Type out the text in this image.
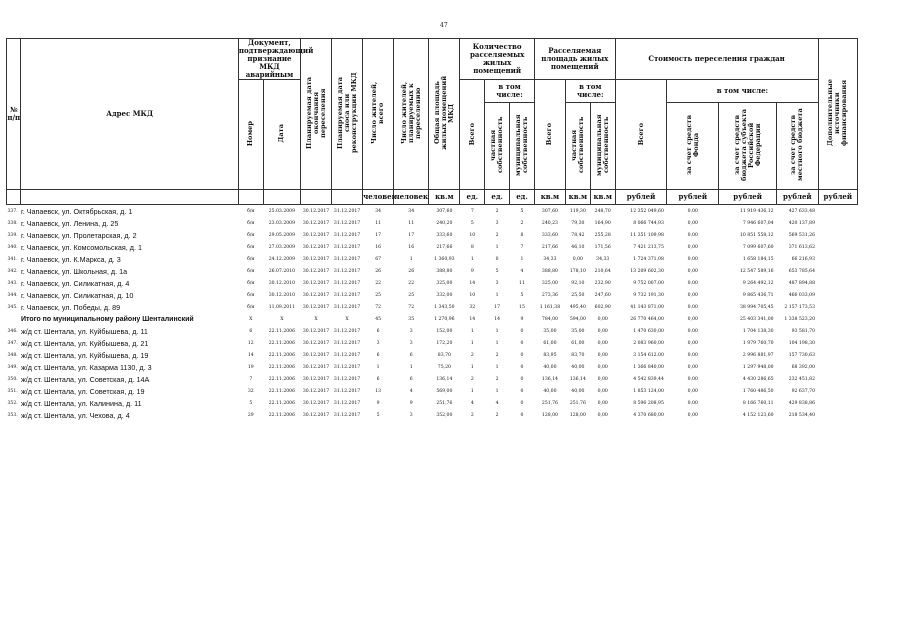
47
№ п/п	Адрес МКД	Документ, подтверждающий признание МКД аварийным		Планируемая дата окончания переселения	Планируемая дата сноса или реконструкции МКД	Число жителей, всего	Число жителей, планируемых к переселению	Общая площадь жилых помещений МКД	Количество расселяемых жилых помещений			Расселяемая площадь жилых помещений			Стоимость переселения граждан				Дополнительные источники финансирования
		Номер	Дата						Всего	в том числе:		Всего	в том числе:		Всего	в том числе:			
										частная собственность	муниципальная собственность		частная собственность	муниципальная собственность		за счет средств Фонда	за счет средств бюджета субъекта Российской Федерации	за счет средств местного бюджета	
						человек	человек	кв.м	ед.	ед.	ед.	кв.м	кв.м	кв.м	рублей	рублей	рублей	рублей	рублей
337.	г. Чапаевск, ул. Октябрьская, д. 1	б/н	25.03.2009	30.12.2017	31.12.2017	34	34	307,60	7	2	5	307,60	119,30	248,70	12 352 049,60	0,00	11 919 436,12	427 633,48	
338.	г. Чапаевск, ул. Ленина, д. 25	б/н	23.03.2009	30.12.2017	31.12.2017	11	11	240,20	5	3	2	240,23	79,30	164,90	8 066 744,93	0,00	7 946 607,04	420 137,89	
339.	г. Чапаевск, ул. Пролетарская, д. 2	б/н	29.05.2009	30.12.2017	31.12.2017	17	17	333,60	10	2	8	333,60	78,42	255,28	11 351 109,98	0,00	10 851 558,12	569 531,26	
340.	г. Чапаевск, ул. Комсомольская, д. 1	б/н	27.03.2009	30.12.2017	31.12.2017	16	16	217,66	8	1	7	217,66	46,10	171,56	7 421 213,75	0,00	7 099 607,60	371 613,62	
341.	г. Чапаевск, ул. К.Маркса, д. 3	б/н	24.12.2009	30.12.2017	31.12.2017	67	1	1 360,93	1	0	1	34,33	0,00	34,33	1 724 371,08	0,00	1 658 184,15	66 216,93	
342.	г. Чапаевск, ул. Школьная, д. 1а	б/н	26.07.2010	30.12.2017	31.12.2017	26	26	388,80	9	5	4	388,80	178,10	210,64	13 209 602,30	0,00	12 547 589,16	653 785,64	
343.	г. Чапаевск, ул. Силикатная, д. 4	б/н	30.12.2010	30.12.2017	31.12.2017	22	22	325,00	14	3	11	325,00	92,10	232,90	9 752 007,00	0,00	9 264 492,12	487 894,88	
344.	г. Чапаевск, ул. Силикатная, д. 10	б/н	30.12.2010	30.12.2017	31.12.2017	25	25	332,00	10	1	5	273,36	25,50	247,60	9 732 191,30	0,00	9 865 436,71	466 033,09	
345.	г. Чапаевск, ул. Победы, д. 89	б/н	11.09.2011	30.12.2017	31.12.2017	72	72	1 343,50	32	17	15	1 161,38	495,40	602,90	41 143 871,00	0,00	38 994 705,45	2 157 173,53	
	Итого по муниципальному району Шенталинский	X	X	X	X	45	35	1 270,96	14	14	9	784,00	594,00	0,00	26 770 464,00	0,00	25 403 341,00	1 338 523,20	
346.	ж/д ст. Шентала, ул. Куйбышева, д. 11	6	22.11.2006	30.12.2017	31.12.2017	6	3	152,00	1	1	0	35,00	35,00	0,00	1 470 630,00	0,00	1 704 138,30	93 581,70	
347.	ж/д ст. Шентала, ул. Куйбышева, д. 21	12	22.11.2006	30.12.2017	31.12.2017	3	3	172,20	1	1	0	61,00	61,00	0,00	2 083 960,00	0,00	1 979 760,70	104 198,30	
348.	ж/д ст. Шентала, ул. Куйбышева, д. 19	14	22.11.2006	30.12.2017	31.12.2017	6	6	83,70	2	2	0	83,95	83,70	0,00	3 154 612,00	0,00	2 996 881,97	157 730,63	
349.	ж/д ст. Шентала, ул. Казарма 1130, д. 3	19	22.11.2006	30.12.2017	31.12.2017	1	1	75,20	1	1	0	40,00	40,00	0,00	1 366 840,00	0,00	1 297 948,00	68 392,00	
350.	ж/д ст. Шентала, ул. Советская, д. 14А	7	22.11.2006	30.12.2017	31.12.2017	6	6	136,14	2	2	0	136,14	136,14	0,00	4 542 839,44	0,00	4 430 286,65	232 451,82	
351.	ж/д ст. Шентала, ул. Советская, д. 19	32	22.11.2006	30.12.2017	31.12.2017	13	4	569,00	1	1	0	40,00	40,00	0,00	1 853 124,00	0,00	1 760 486,50	92 637,70	
352.	ж/д ст. Шентала, ул. Калинина, д. 11	5	22.11.2006	30.12.2017	31.12.2017	9	9	251,76	4	4	0	251,76	251,76	0,00	8 596 208,95	0,00	8 166 760,11	429 838,86	
353.	ж/д ст. Шентала, ул. Чехова, д. 4	29	22.11.2006	30.12.2017	31.12.2017	5	3	352,00	2	2	0	128,00	128,00	0,00	4 370 680,00	0,00	4 152 123,60	218 534,40	
